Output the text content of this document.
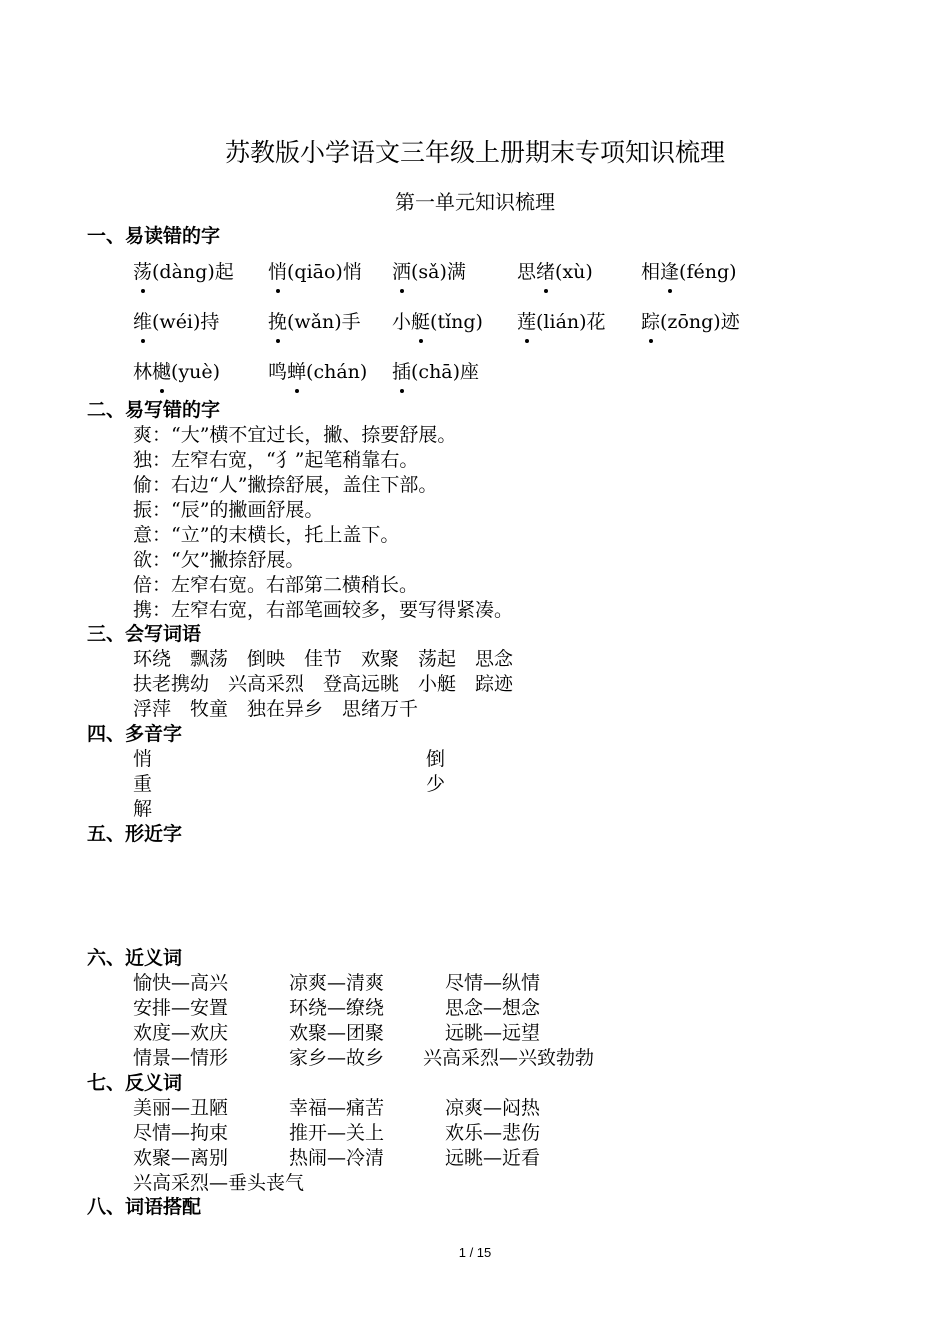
苏教版小学语文三年级上册期末专项知识梳理
第一单元知识梳理
一、易读错的字
荡(dàng)起 悄(qiāo)悄 洒(sǎ)满	思绪(xù)	相逢(féng)
维(wéi)持	挽(wǎn)手 小艇(tǐng) 莲(lián)花 踪(zōng)迹
林樾(yuè)	鸣蝉(chán) 插(chā)座
二、易写错的字
爽：“大”横不宜过长，撇、捺要舒展。
独：左窄右宽，“犭”起笔稍靠右。
偷：右边“人”撇捺舒展，盖住下部。
振：“辰”的撇画舒展。
意：“立”的末横长，托上盖下。
欲：“欠”撇捺舒展。
倍：左窄右宽。右部第二横稍长。
携：左窄右宽，右部笔画较多，要写得紧凑。
三、会写词语
环绕　飘荡　倒映　佳节　欢聚　荡起　思念
扶老携幼　兴高采烈　登高远眺　小艇　踪迹
浮萍　牧童　独在异乡　思绪万千
四、多音字
悄	倒
重	少
解
五、形近字
六、近义词
愉快—高兴	凉爽—清爽	尽情—纵情
安排—安置	环绕—缭绕	思念—想念
欢度—欢庆	欢聚—团聚	远眺—远望
情景—情形	家乡—故乡 兴高采烈—兴致勃勃
七、反义词
美丽—丑陋	幸福—痛苦	凉爽—闷热
尽情—拘束	推开—关上	欢乐—悲伤
欢聚—离别	热闹—冷清	远眺—近看
兴高采烈—垂头丧气
八、词语搭配
1 / 15
